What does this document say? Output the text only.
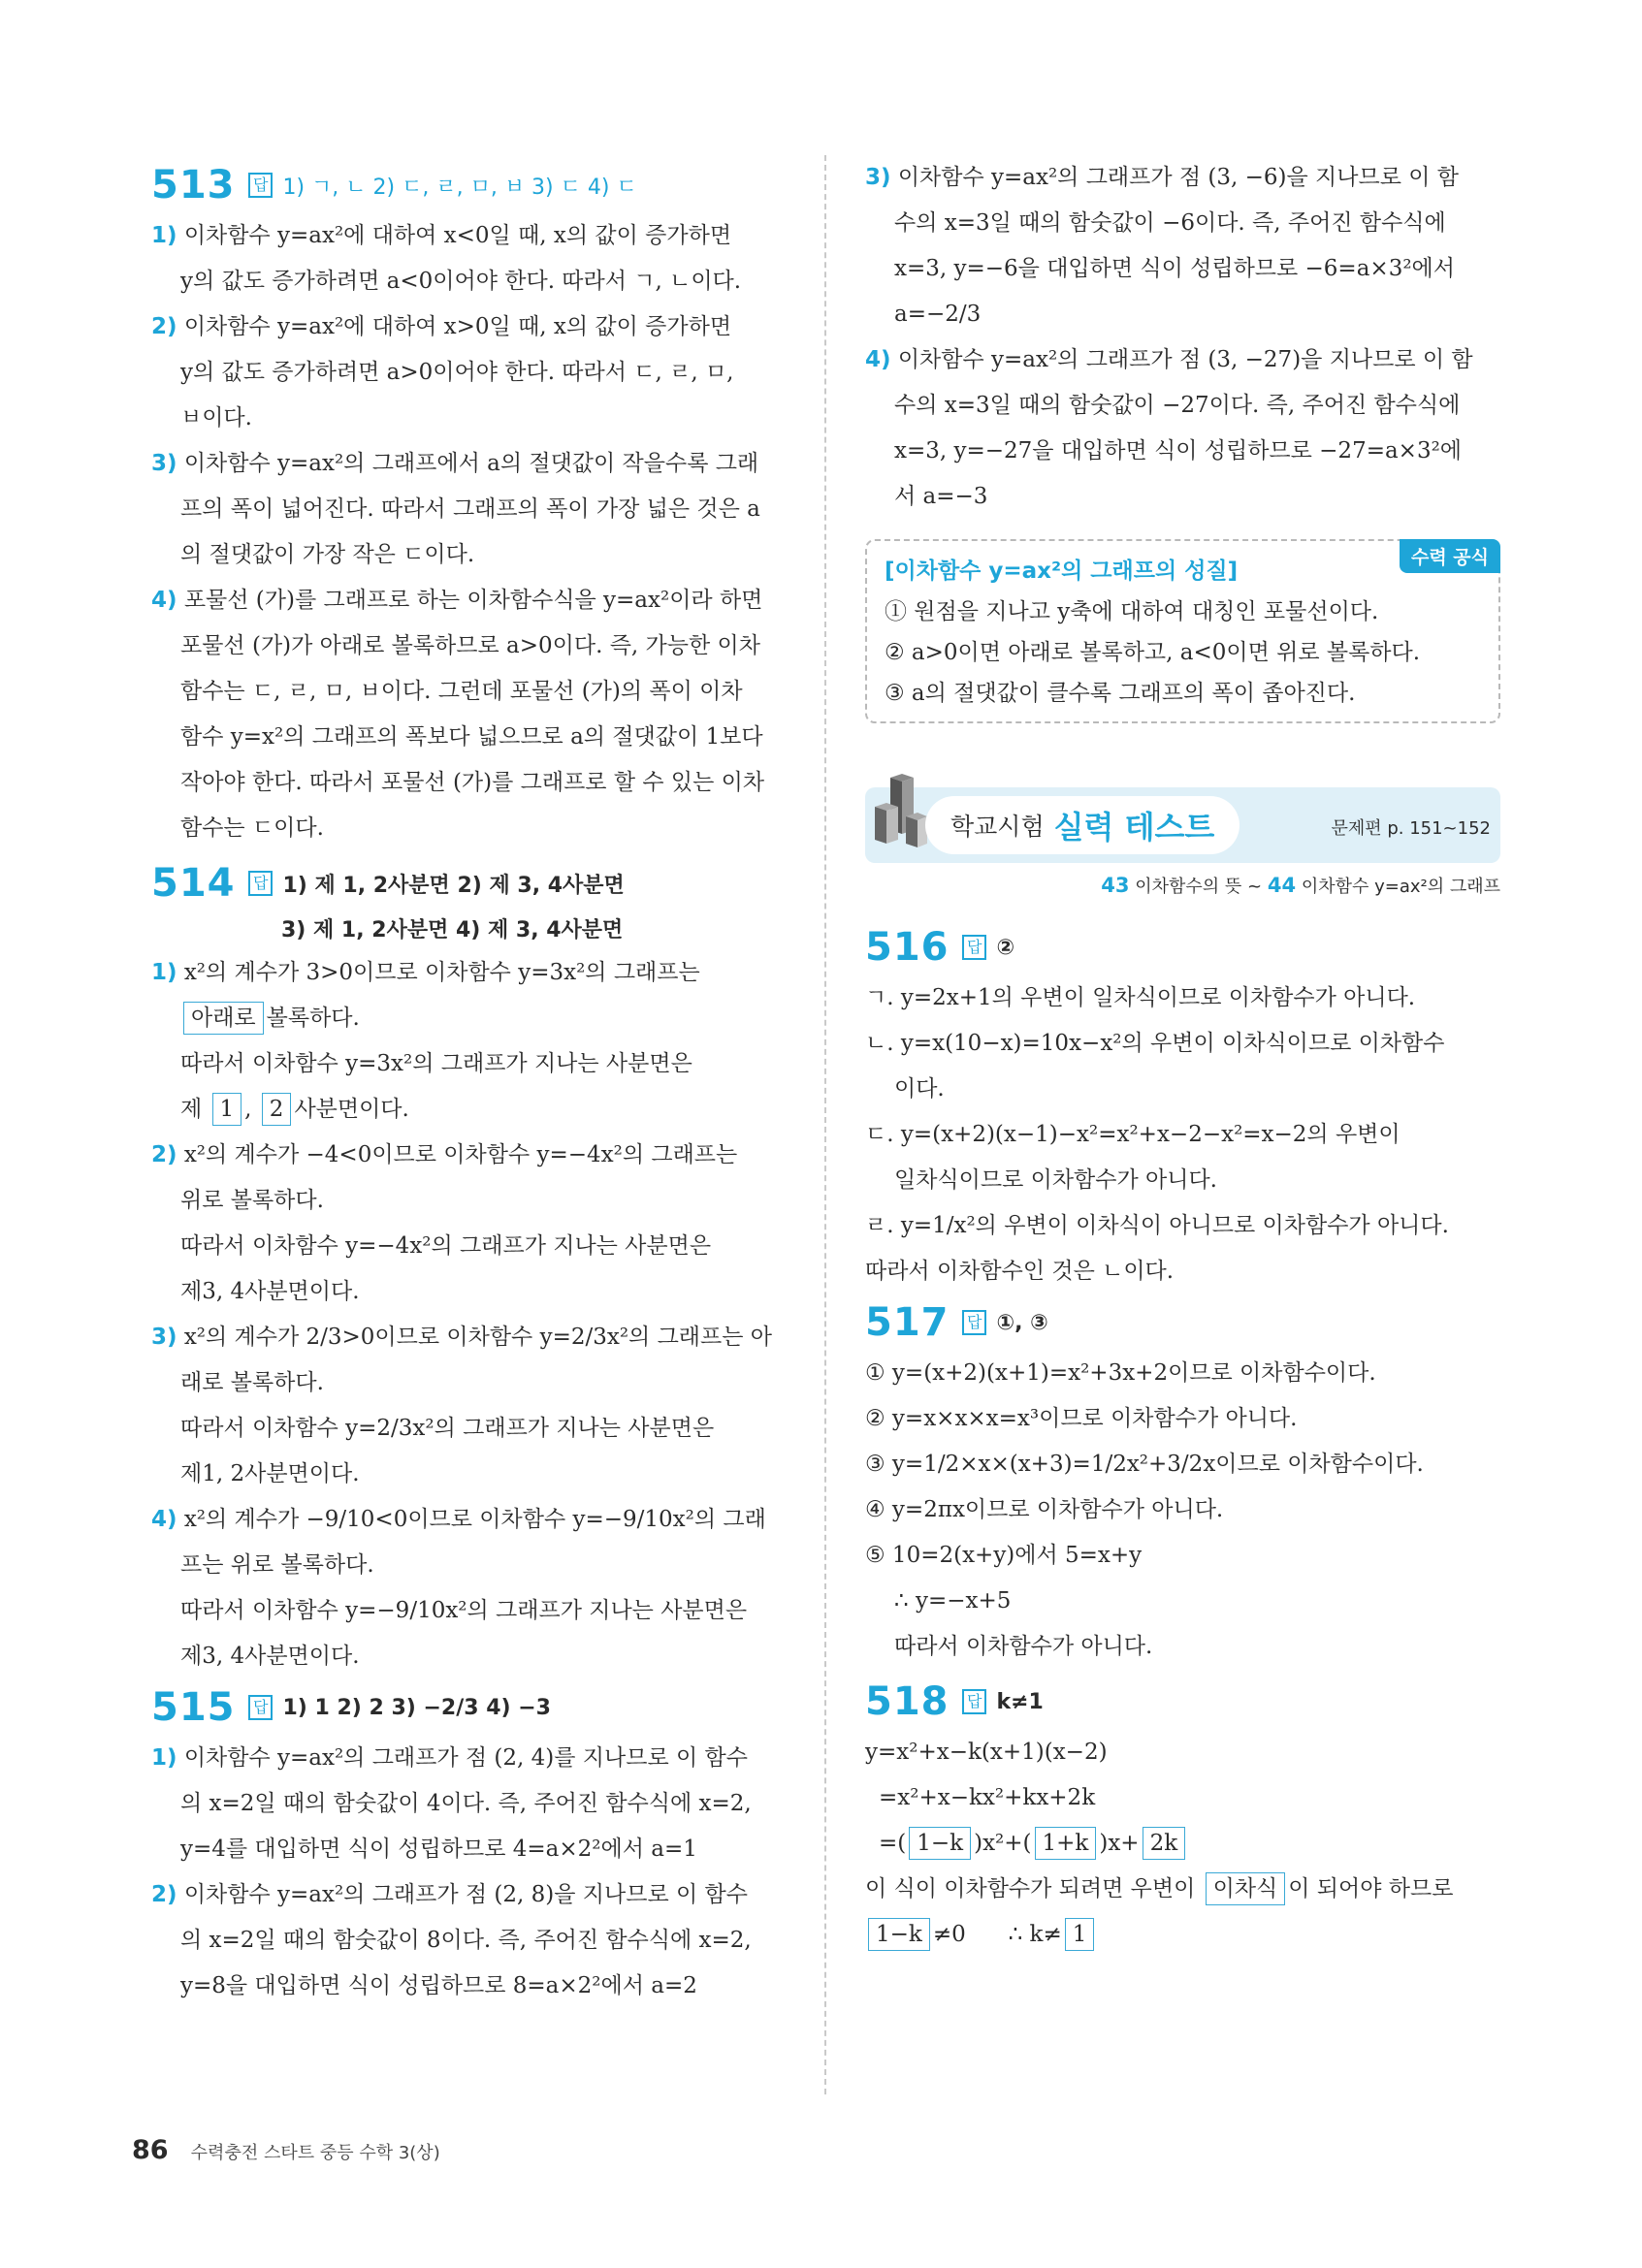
513	답 1) ㄱ, ㄴ 2) ㄷ, ㄹ, ㅁ, ㅂ 3) ㄷ 4) ㄷ
1) 이차함수 y=ax²에 대하여 x<0일 때, x의 값이 증가하면
y의 값도 증가하려면 a<0이어야 한다. 따라서 ㄱ, ㄴ이다.
2) 이차함수 y=ax²에 대하여 x>0일 때, x의 값이 증가하면
y의 값도 증가하려면 a>0이어야 한다. 따라서 ㄷ, ㄹ, ㅁ,
ㅂ이다.
3) 이차함수 y=ax²의 그래프에서 a의 절댓값이 작을수록 그래
프의 폭이 넓어진다. 따라서 그래프의 폭이 가장 넓은 것은 a
의 절댓값이 가장 작은 ㄷ이다.
4) 포물선 (가)를 그래프로 하는 이차함수식을 y=ax²이라 하면
포물선 (가)가 아래로 볼록하므로 a>0이다. 즉, 가능한 이차
함수는 ㄷ, ㄹ, ㅁ, ㅂ이다. 그런데 포물선 (가)의 폭이 이차
함수 y=x²의 그래프의 폭보다 넓으므로 a의 절댓값이 1보다
작아야 한다. 따라서 포물선 (가)를 그래프로 할 수 있는 이차
함수는 ㄷ이다.
514	답 1) 제 1, 2사분면 2) 제 3, 4사분면
3) 제 1, 2사분면 4) 제 3, 4사분면
1) x²의 계수가 3>0이므로 이차함수 y=3x²의 그래프는
아래로 볼록하다.
따라서 이차함수 y=3x²의 그래프가 지나는 사분면은
제 1 , 2 사분면이다.
2) x²의 계수가 −4<0이므로 이차함수 y=−4x²의 그래프는
위로 볼록하다.
따라서 이차함수 y=−4x²의 그래프가 지나는 사분면은
제3, 4사분면이다.
3) x²의 계수가 2/3>0이므로 이차함수 y=2/3x²의 그래프는 아
래로 볼록하다.
따라서 이차함수 y=2/3x²의 그래프가 지나는 사분면은
제1, 2사분면이다.
4) x²의 계수가 −9/10<0이므로 이차함수 y=−9/10x²의 그래
프는 위로 볼록하다.
따라서 이차함수 y=−9/10x²의 그래프가 지나는 사분면은
제3, 4사분면이다.
515	답 1) 1 2) 2 3) −2/3 4) −3
1) 이차함수 y=ax²의 그래프가 점 (2, 4)를 지나므로 이 함수
의 x=2일 때의 함숫값이 4이다. 즉, 주어진 함수식에 x=2,
y=4를 대입하면 식이 성립하므로 4=a×2²에서 a=1
2) 이차함수 y=ax²의 그래프가 점 (2, 8)을 지나므로 이 함수
의 x=2일 때의 함숫값이 8이다. 즉, 주어진 함수식에 x=2,
y=8을 대입하면 식이 성립하므로 8=a×2²에서 a=2
3) 이차함수 y=ax²의 그래프가 점 (3, −6)을 지나므로 이 함
수의 x=3일 때의 함숫값이 −6이다. 즉, 주어진 함수식에
x=3, y=−6을 대입하면 식이 성립하므로 −6=a×3²에서
a=−2/3
4) 이차함수 y=ax²의 그래프가 점 (3, −27)을 지나므로 이 함
수의 x=3일 때의 함숫값이 −27이다. 즉, 주어진 함수식에
x=3, y=−27을 대입하면 식이 성립하므로 −27=a×3²에
서 a=−3
수력 공식
[이차함수 y=ax²의 그래프의 성질]
① 원점을 지나고 y축에 대하여 대칭인 포물선이다.
② a>0이면 아래로 볼록하고, a<0이면 위로 볼록하다.
③ a의 절댓값이 클수록 그래프의 폭이 좁아진다.
학교시험 실력 테스트	문제편 p. 151~152
43 이차함수의 뜻 ~ 44 이차함수 y=ax²의 그래프
516	답 ②
ㄱ. y=2x+1의 우변이 일차식이므로 이차함수가 아니다.
ㄴ. y=x(10−x)=10x−x²의 우변이 이차식이므로 이차함수
이다.
ㄷ. y=(x+2)(x−1)−x²=x²+x−2−x²=x−2의 우변이
일차식이므로 이차함수가 아니다.
ㄹ. y=1/x²의 우변이 이차식이 아니므로 이차함수가 아니다.
따라서 이차함수인 것은 ㄴ이다.
517	답 ①, ③
① y=(x+2)(x+1)=x²+3x+2이므로 이차함수이다.
② y=x×x×x=x³이므로 이차함수가 아니다.
③ y=1/2×x×(x+3)=1/2x²+3/2x이므로 이차함수이다.
④ y=2πx이므로 이차함수가 아니다.
⑤ 10=2(x+y)에서 5=x+y
∴ y=−x+5
따라서 이차함수가 아니다.
518	답 k≠1
y=x²+x−k(x+1)(x−2)
=x²+x−kx²+kx+2k
=( 1−k )x²+( 1+k )x+ 2k
이 식이 이차함수가 되려면 우변이 이차식 이 되어야 하므로
1−k ≠0      ∴ k≠ 1
86 수력충전 스타트 중등 수학 3(상)
